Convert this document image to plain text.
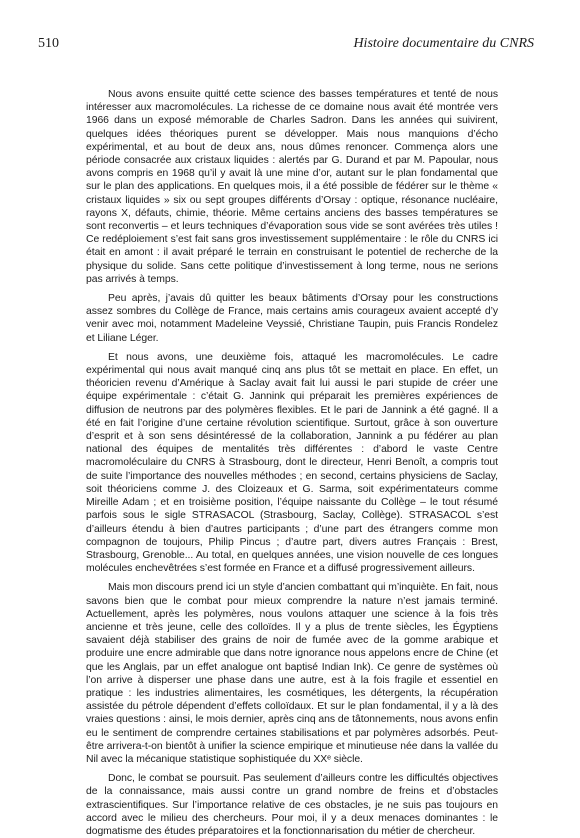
510	Histoire documentaire du CNRS

Nous avons ensuite quitté cette science des basses températures et tenté de nous intéresser aux macromolécules. La richesse de ce domaine nous avait été montrée vers 1966 dans un exposé mémorable de Charles Sadron. Dans les années qui suivirent, quelques idées théoriques purent se développer. Mais nous manquions d’écho expérimental, et au bout de deux ans, nous dûmes renoncer. Commença alors une période consacrée aux cristaux liquides : alertés par G. Durand et par M. Papoular, nous avons compris en 1968 qu’il y avait là une mine d’or, autant sur le plan fondamental que sur le plan des applications. En quelques mois, il a été possible de fédérer sur le thème « cristaux liquides » six ou sept groupes différents d’Orsay : optique, résonance nucléaire, rayons X, défauts, chimie, théorie. Même certains anciens des basses températures se sont reconvertis – et leurs techniques d’évaporation sous vide se sont avérées très utiles ! Ce redéploiement s’est fait sans gros investissement supplémentaire : le rôle du CNRS ici était en amont : il avait préparé le terrain en construisant le potentiel de recherche de la physique du solide. Sans cette politique d’investissement à long terme, nous ne serions pas arrivés à temps.

Peu après, j’avais dû quitter les beaux bâtiments d’Orsay pour les constructions assez sombres du Collège de France, mais certains amis courageux avaient accepté d’y venir avec moi, notamment Madeleine Veyssié, Christiane Taupin, puis Francis Rondelez et Liliane Léger.

Et nous avons, une deuxième fois, attaqué les macromolécules. Le cadre expérimental qui nous avait manqué cinq ans plus tôt se mettait en place. En effet, un théoricien revenu d’Amérique à Saclay avait fait lui aussi le pari stupide de créer une équipe expérimentale : c’était G. Jannink qui préparait les premières expériences de diffusion de neutrons par des polymères flexibles. Et le pari de Jannink a été gagné. Il a été en fait l’origine d’une certaine révolution scientifique. Surtout, grâce à son ouverture d’esprit et à son sens désintéressé de la collaboration, Jannink a pu fédérer au plan national des équipes de mentalités très différentes : d’abord le vaste Centre macromoléculaire du CNRS à Strasbourg, dont le directeur, Henri Benoît, a compris tout de suite l’importance des nouvelles méthodes ; en second, certains physiciens de Saclay, soit théoriciens comme J. des Cloizeaux et G. Sarma, soit expérimentateurs comme Mireille Adam ; et en troisième position, l’équipe naissante du Collège – le tout résumé parfois sous le sigle STRASACOL (Strasbourg, Saclay, Collège). STRASACOL s’est d’ailleurs étendu à bien d’autres participants ; d’une part des étrangers comme mon compagnon de toujours, Philip Pincus ; d’autre part, divers autres Français : Brest, Strasbourg, Grenoble... Au total, en quelques années, une vision nouvelle de ces longues molécules enchevêtrées s’est formée en France et a diffusé progressivement ailleurs.

Mais mon discours prend ici un style d’ancien combattant qui m’inquiète. En fait, nous savons bien que le combat pour mieux comprendre la nature n’est jamais terminé. Actuellement, après les polymères, nous voulons attaquer une science à la fois très ancienne et très jeune, celle des colloïdes. Il y a plus de trente siècles, les Égyptiens savaient déjà stabiliser des grains de noir de fumée avec de la gomme arabique et produire une encre admirable que dans notre ignorance nous appelons encre de Chine (et que les Anglais, par un effet analogue ont baptisé Indian Ink). Ce genre de systèmes où l’on arrive à disperser une phase dans une autre, est à la fois fragile et essentiel en pratique : les industries alimentaires, les cosmétiques, les détergents, la récupération assistée du pétrole dépendent d’effets colloïdaux. Et sur le plan fondamental, il y a là des vraies questions : ainsi, le mois dernier, après cinq ans de tâtonnements, nous avons enfin eu le sentiment de comprendre certaines stabilisations et par polymères adsorbés. Peut-être arrivera-t-on bientôt à unifier la science empirique et minutieuse née dans la vallée du Nil avec la mécanique statistique sophistiquée du XXᵉ siècle.

Donc, le combat se poursuit. Pas seulement d’ailleurs contre les difficultés objectives de la connaissance, mais aussi contre un grand nombre de freins et d’obstacles extrascientifiques. Sur l’importance relative de ces obstacles, je ne suis pas toujours en accord avec le milieu des chercheurs. Pour moi, il y a deux menaces dominantes : le dogmatisme des études préparatoires et la fonctionnarisation du métier de chercheur.
